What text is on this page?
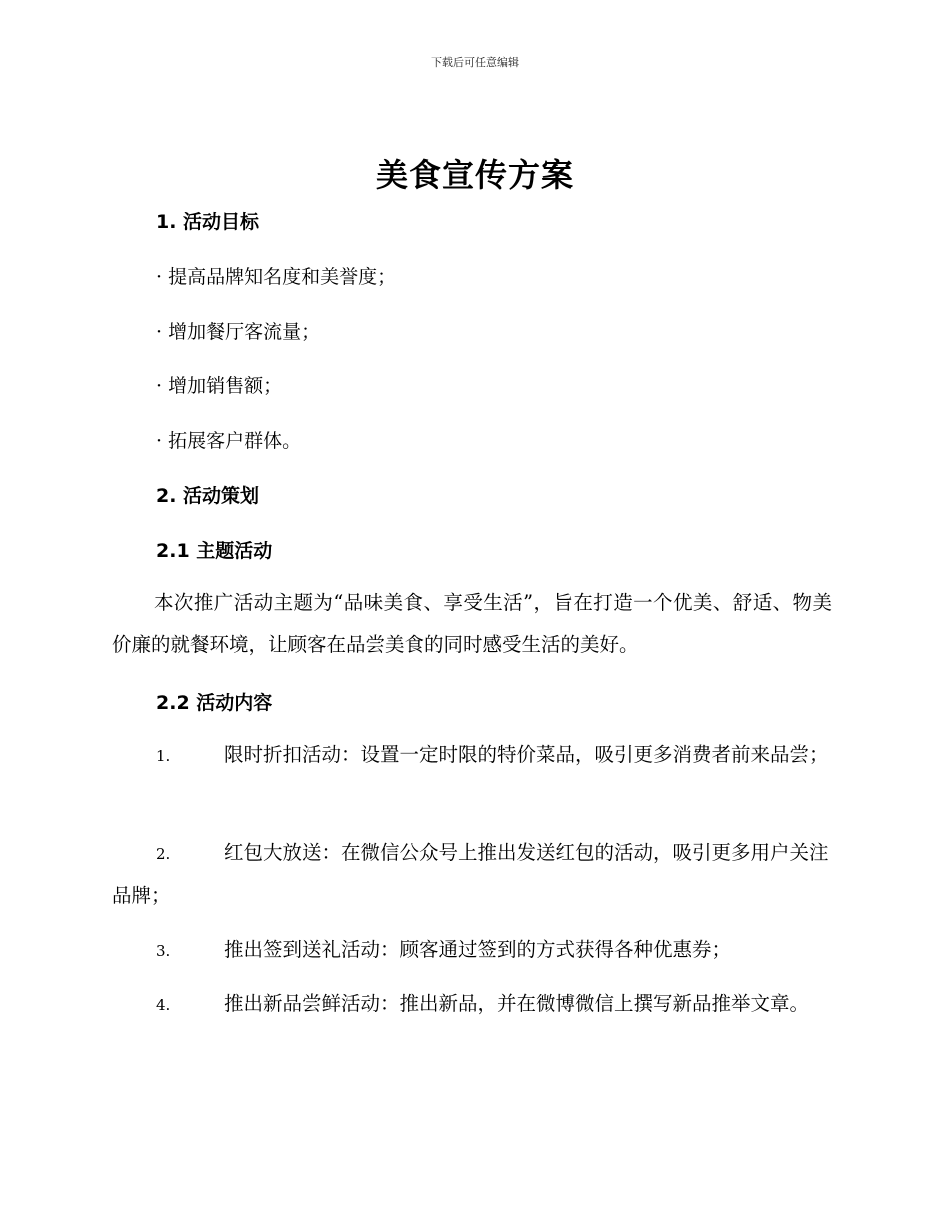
下载后可任意编辑
美食宣传方案
1. 活动目标
· 提高品牌知名度和美誉度；
· 增加餐厅客流量；
· 增加销售额；
· 拓展客户群体。
2. 活动策划
2.1 主题活动
本次推广活动主题为“品味美食、享受生活”，旨在打造一个优美、舒适、物美价廉的就餐环境，让顾客在品尝美食的同时感受生活的美好。
2.2 活动内容
1.	限时折扣活动：设置一定时限的特价菜品，吸引更多消费者前来品尝；
2.	红包大放送：在微信公众号上推出发送红包的活动，吸引更多用户关注品牌；
3.	推出签到送礼活动：顾客通过签到的方式获得各种优惠券；
4.	推出新品尝鲜活动：推出新品，并在微博微信上撰写新品推举文章。
